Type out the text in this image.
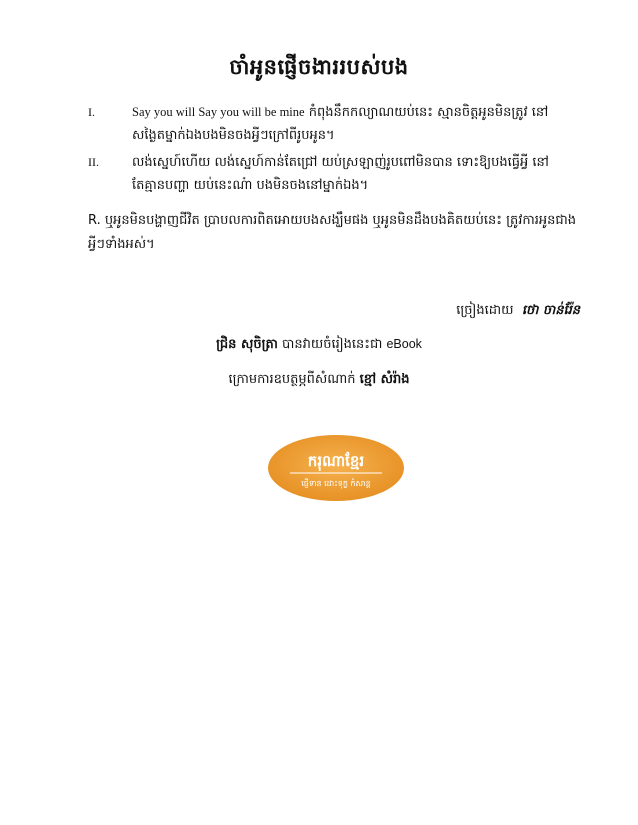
ចាំអូនផ្ញើចងាររបស់បង
I.	Say you will Say you will be mine កំពុងនឹកកល្យាណយប់នេះ ស្មានចិត្តអូនមិនត្រូវ នៅ
សង្ងៃតម្នាក់ឯងបងមិនចងអ្វីៗក្រៅពីរូបអូន។
II.	លង់ស្នេហ៍ហើយ លង់ស្នេហ៍កាន់តែជ្រៅ យប់ស្រឡាញ់រូបពៅមិនបាន ទោះឱ្យបងធ្វើអ្វី នៅ
តែគ្មានបញ្ហា យប់នេះណ៎ា បងមិនចងនៅម្នាក់ឯង។
R. ឬអូនមិនបង្ហាញជីវិត ប្រាបលការពិតអោយបងសង្ឃឹមផង ឬអូនមិនដឹងបងគិតយប់នេះ ត្រូវការអូនជាងអ្វីៗទាំងអស់។
ច្រៀងដោយ ថោ ចាន់រ៉ែន
ជ្រិន សុចិត្រា បានវាយចំរៀងនេះជា eBook
ក្រោមការឧបត្ថម្ភពីសំណាក់ ខ្មៅ សំរ៉ាង
ករុណាខ្មែរ
ផ្ញើទាន ដោះទុក្ខ កំសាន្ត
